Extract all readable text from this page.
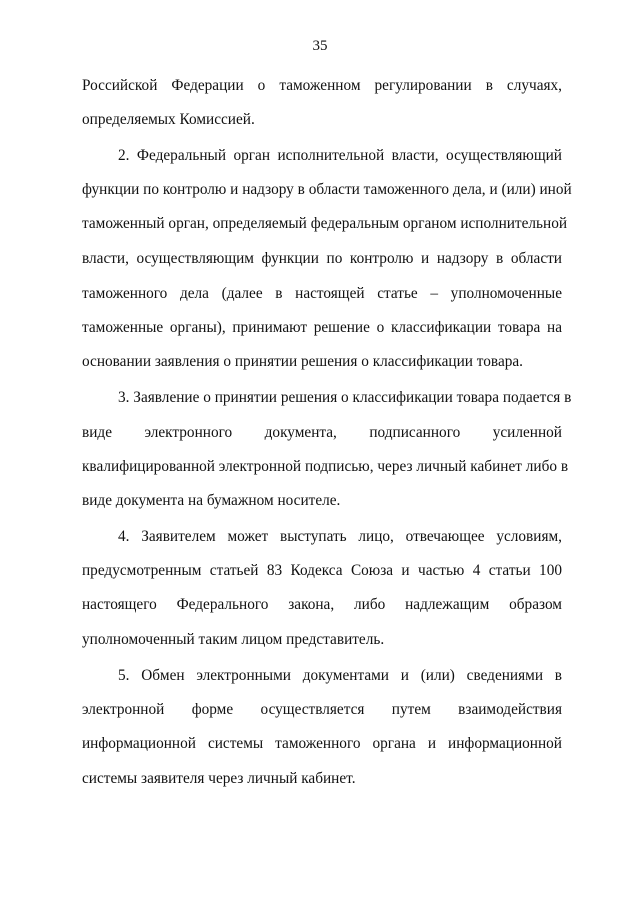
35
Российской Федерации о таможенном регулировании в случаях,
определяемых Комиссией.
2. Федеральный орган исполнительной власти, осуществляющий
функции по контролю и надзору в области таможенного дела, и (или) иной
таможенный орган, определяемый федеральным органом исполнительной
власти, осуществляющим функции по контролю и надзору в области
таможенного дела (далее в настоящей статье – уполномоченные
таможенные органы), принимают решение о классификации товара на
основании заявления о принятии решения о классификации товара.
3. Заявление о принятии решения о классификации товара подается в
виде электронного документа, подписанного усиленной
квалифицированной электронной подписью, через личный кабинет либо в
виде документа на бумажном носителе.
4. Заявителем может выступать лицо, отвечающее условиям,
предусмотренным статьей 83 Кодекса Союза и частью 4 статьи 100
настоящего Федерального закона, либо надлежащим образом
уполномоченный таким лицом представитель.
5. Обмен электронными документами и (или) сведениями в
электронной форме осуществляется путем взаимодействия
информационной системы таможенного органа и информационной
системы заявителя через личный кабинет.
